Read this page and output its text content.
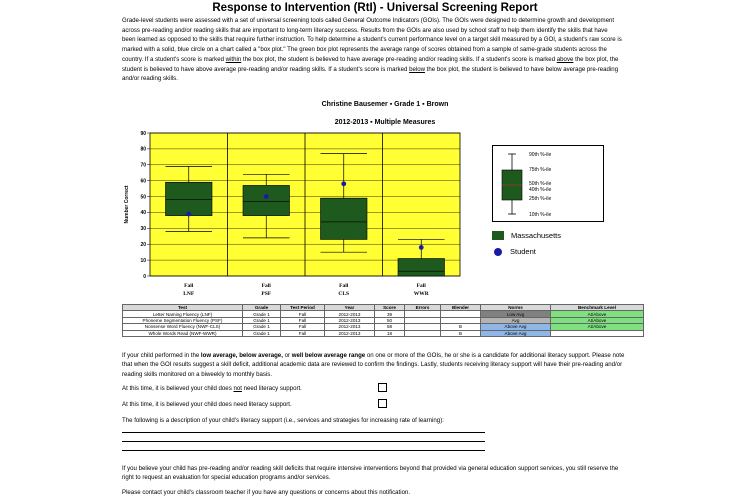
Response to Intervention (RtI) - Universal Screening Report
Grade-level students were assessed with a set of universal screening tools called General Outcome Indicators (GOIs). The GOIs were designed to determine growth and development across pre-reading and/or reading skills that are important to long-term literacy success. Results from the GOIs are also used by school staff to help them identify the skills that have been learned as opposed to the skills that require further instruction. To help determine a student's current performance level on a target skill measured by a GOI, a student's raw score is marked with a solid, blue circle on a chart called a "box plot." The green box plot represents the average range of scores obtained from a sample of same-grade students across the country. If a student's score is marked within the box plot, the student is believed to have average pre-reading and/or reading skills. If a student's score is marked above the box plot, the student is believed to have above average pre-reading and/or reading skills. If a student's score is marked below the box plot, the student is believed to have below average pre-reading and/or reading skills.
Christine Bausemer ▪ Grade 1 ▪ Brown
2012-2013 ▪ Multiple Measures
0
10
20
30
40
50
60
70
80
90
Number Correct
Fall
LNF
Fall
PSF
Fall
CLS
Fall
WWR
90th %-ile
75th %-ile
50th %-ile
40th %-ile
25th %-ile
10th %-ile
Massachusetts
Student
Test	Grade	Test Period	Year	Score	Errors	Blender	Norms	Benchmark Level
Letter Naming Fluency (LNF)	Grade 1	Fall	2012-2013	39			Low Avg	At/Above
Phoneme Segmentation Fluency (PSF)	Grade 1	Fall	2012-2013	50			Avg	At/Above
Nonsense Word Fluency (NWF-CLS)	Grade 1	Fall	2012-2013	58		B	Above Avg	At/Above
Whole Words Read (NWF-WWR)	Grade 1	Fall	2012-2013	18		B	Above Avg	
If your child performed in the low average, below average, or well below average range on one or more of the GOIs, he or she is a candidate for additional literacy support. Please note that when the GOI results suggest a skill deficit, additional academic data are reviewed to confirm the findings. Lastly, students receiving literacy support will have their pre-reading and/or reading skills monitored on a biweekly to monthly basis.
At this time, it is believed your child does not need literacy support.
At this time, it is believed your child does need literacy support.
The following is a description of your child's literacy support (i.e., services and strategies for increasing rate of learning):
If you believe your child has pre-reading and/or reading skill deficits that require intensive interventions beyond that provided via general education support services, you still reserve the right to request an evaluation for special education programs and/or services.
Please contact your child's classroom teacher if you have any questions or concerns about this notification.
